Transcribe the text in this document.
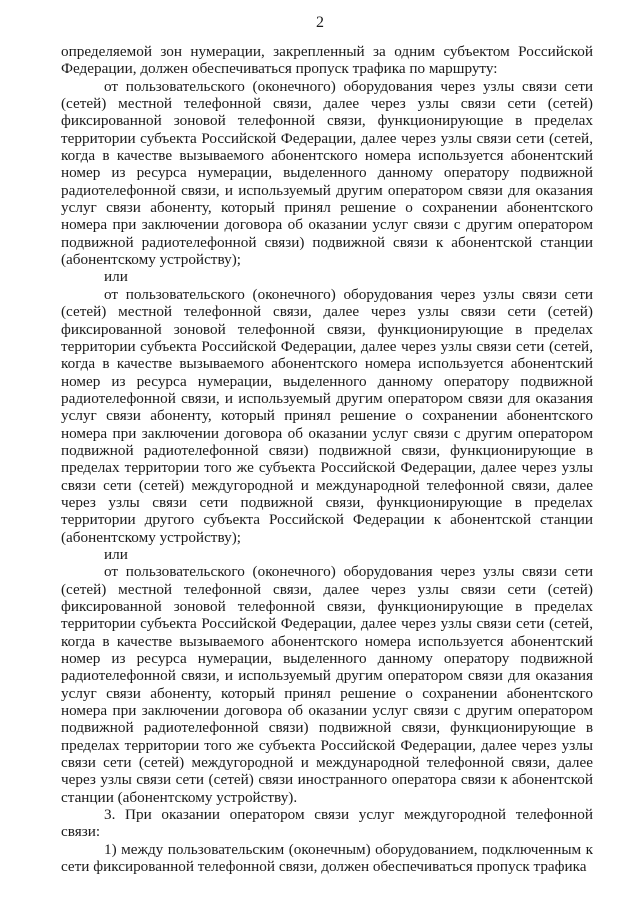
2

определяемой зон нумерации, закрепленный за одним субъектом Российской Федерации, должен обеспечиваться пропуск трафика по маршруту:

от пользовательского (оконечного) оборудования через узлы связи сети (сетей) местной телефонной связи, далее через узлы связи сети (сетей) фиксированной зоновой телефонной связи, функционирующие в пределах территории субъекта Российской Федерации, далее через узлы связи сети (сетей, когда в качестве вызываемого абонентского номера используется абонентский номер из ресурса нумерации, выделенного данному оператору подвижной радиотелефонной связи, и используемый другим оператором связи для оказания услуг связи абоненту, который принял решение о сохранении абонентского номера при заключении договора об оказании услуг связи с другим оператором подвижной радиотелефонной связи) подвижной связи к абонентской станции (абонентскому устройству);

или

от пользовательского (оконечного) оборудования через узлы связи сети (сетей) местной телефонной связи, далее через узлы связи сети (сетей) фиксированной зоновой телефонной связи, функционирующие в пределах территории субъекта Российской Федерации, далее через узлы связи сети (сетей, когда в качестве вызываемого абонентского номера используется абонентский номер из ресурса нумерации, выделенного данному оператору подвижной радиотелефонной связи, и используемый другим оператором связи для оказания услуг связи абоненту, который принял решение о сохранении абонентского номера при заключении договора об оказании услуг связи с другим оператором подвижной радиотелефонной связи) подвижной связи, функционирующие в пределах территории того же субъекта Российской Федерации, далее через узлы связи сети (сетей) междугородной и международной телефонной связи, далее через узлы связи сети подвижной связи, функционирующие в пределах территории другого субъекта Российской Федерации к абонентской станции (абонентскому устройству);

или

от пользовательского (оконечного) оборудования через узлы связи сети (сетей) местной телефонной связи, далее через узлы связи сети (сетей) фиксированной зоновой телефонной связи, функционирующие в пределах территории субъекта Российской Федерации, далее через узлы связи сети (сетей, когда в качестве вызываемого абонентского номера используется абонентский номер из ресурса нумерации, выделенного данному оператору подвижной радиотелефонной связи, и используемый другим оператором связи для оказания услуг связи абоненту, который принял решение о сохранении абонентского номера при заключении договора об оказании услуг связи с другим оператором подвижной радиотелефонной связи) подвижной связи, функционирующие в пределах территории того же субъекта Российской Федерации, далее через узлы связи сети (сетей) междугородной и международной телефонной связи, далее через узлы связи сети (сетей) связи иностранного оператора связи к абонентской станции (абонентскому устройству).

3. При оказании оператором связи услуг междугородной телефонной связи:

1) между пользовательским (оконечным) оборудованием, подключенным к сети фиксированной телефонной связи, должен обеспечиваться пропуск трафика
